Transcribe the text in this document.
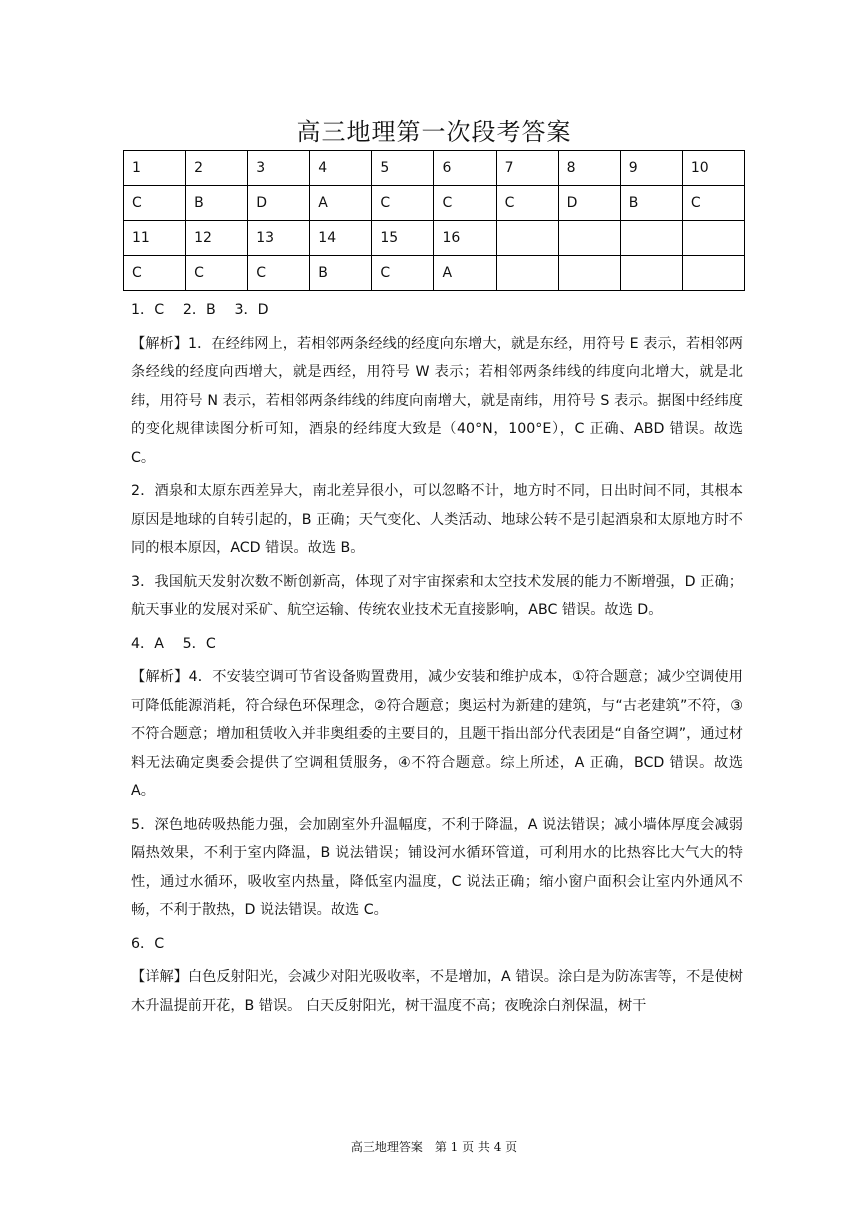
高三地理第一次段考答案
1	2	3	4	5	6	7	8	9	10
C	B	D	A	C	C	C	D	B	C
11	12	13	14	15	16				
C	C	C	B	C	A				

1．C　 2．B　 3．D

【解析】1．在经纬网上，若相邻两条经线的经度向东增大，就是东经，用符号 E 表示，若相邻两条经线的经度向西增大，就是西经，用符号 W 表示；若相邻两条纬线的纬度向北增大，就是北纬，用符号 N 表示，若相邻两条纬线的纬度向南增大，就是南纬，用符号 S 表示。据图中经纬度的变化规律读图分析可知，酒泉的经纬度大致是（40°N，100°E），C 正确、ABD 错误。故选 C。

2．酒泉和太原东西差异大，南北差异很小，可以忽略不计，地方时不同，日出时间不同，其根本原因是地球的自转引起的，B 正确；天气变化、人类活动、地球公转不是引起酒泉和太原地方时不同的根本原因，ACD 错误。故选 B。

3．我国航天发射次数不断创新高，体现了对宇宙探索和太空技术发展的能力不断增强，D 正确；航天事业的发展对采矿、航空运输、传统农业技术无直接影响，ABC 错误。故选 D。

4．A　 5．C

【解析】4．不安装空调可节省设备购置费用，减少安装和维护成本，①符合题意；减少空调使用可降低能源消耗，符合绿色环保理念，②符合题意；奥运村为新建的建筑，与“古老建筑”不符，③不符合题意；增加租赁收入并非奥组委的主要目的，且题干指出部分代表团是“自备空调”，通过材料无法确定奥委会提供了空调租赁服务，④不符合题意。综上所述，A 正确，BCD 错误。故选 A。

5．深色地砖吸热能力强，会加剧室外升温幅度，不利于降温，A 说法错误；减小墙体厚度会减弱隔热效果，不利于室内降温，B 说法错误；铺设河水循环管道，可利用水的比热容比大气大的特性，通过水循环，吸收室内热量，降低室内温度，C 说法正确；缩小窗户面积会让室内外通风不畅，不利于散热，D 说法错误。故选 C。

6．C

【详解】白色反射阳光，会减少对阳光吸收率，不是增加，A 错误。涂白是为防冻害等，不是使树木升温提前开花，B 错误。 白天反射阳光，树干温度不高；夜晚涂白剂保温，树干

高三地理答案　第 1 页 共 4 页
